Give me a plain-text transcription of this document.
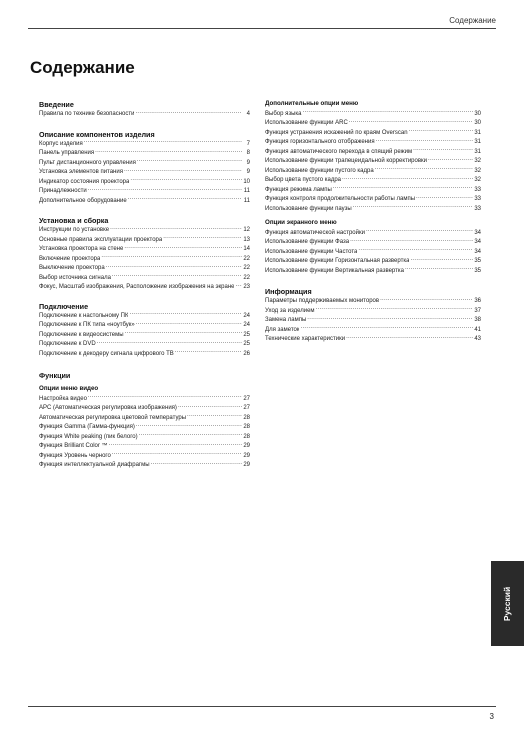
Содержание
Содержание
Введение
Правила по технике безопасности .....	4
Описание компонентов изделия
Корпус изделия .....	7
Панель управления .....	8
Пульт дистанционного управления .....	9
Установка элементов питания .....	9
Индикатор состояния проектора .....	10
Принадлежности .....	11
Дополнительное оборудование .....	11
Установка и сборка
Инструкции по установке .....	12
Основные правила эксплуатации проектора .....	13
Установка проектора на стене .....	14
Включение проектора .....	22
Выключение проектора .....	22
Выбор источника сигнала .....	22
Фокус, Масштаб изображения, Расположение изображения на экране ..... 23
Подключение
Подключение к настольному ПК .....	24
Подключение к ПК типа «ноутбук» .....	24
Подключение к видеосистемы .....	25
Подключение к DVD .....	25
Подключение к декодеру сигнала цифрового ТВ .....	26
Функции
Опции меню видео
Настройка видео .....	27
APC (Автоматическая регулировка изображения) .....	27
Автоматическая регулировка цветовой температуры .....	28
Функция Gamma (Гамма-функция) .....	28
Функция White peaking (пик белого) .....	28
Функция Brilliant Color ™ .....	29
Функция Уровень черного .....	29
Функция интеллектуальной диафрагмы .....	29
Дополнительные опции меню
Выбор языка .....	30
Использование функции ARC .....	30
Функция устранения искажений по краям Overscan .....	31
Функция горизонтального отображения .....	31
Функция автоматического перехода в спящий режим .....	31
Использование функции трапецеидальной корректировки .....	32
Использование функции пустого кадра .....	32
Выбор цвета пустого кадра .....	32
Функция режима лампы .....	33
Функция контроля продолжительности работы лампы .....	33
Использование функции паузы .....	33
Опции экранного меню
Функция автоматической настройки .....	34
Использование функции Фаза .....	34
Использование функции Частота .....	34
Использование функции Горизонтальная развертка .....	35
Использование функции Вертикальная развертка .....	35
Информация
Параметры поддерживаемых мониторов .....	36
Уход за изделием .....	37
Замена лампы .....	38
Для заметок .....	41
Технические характеристики .....	43
Русский
3
